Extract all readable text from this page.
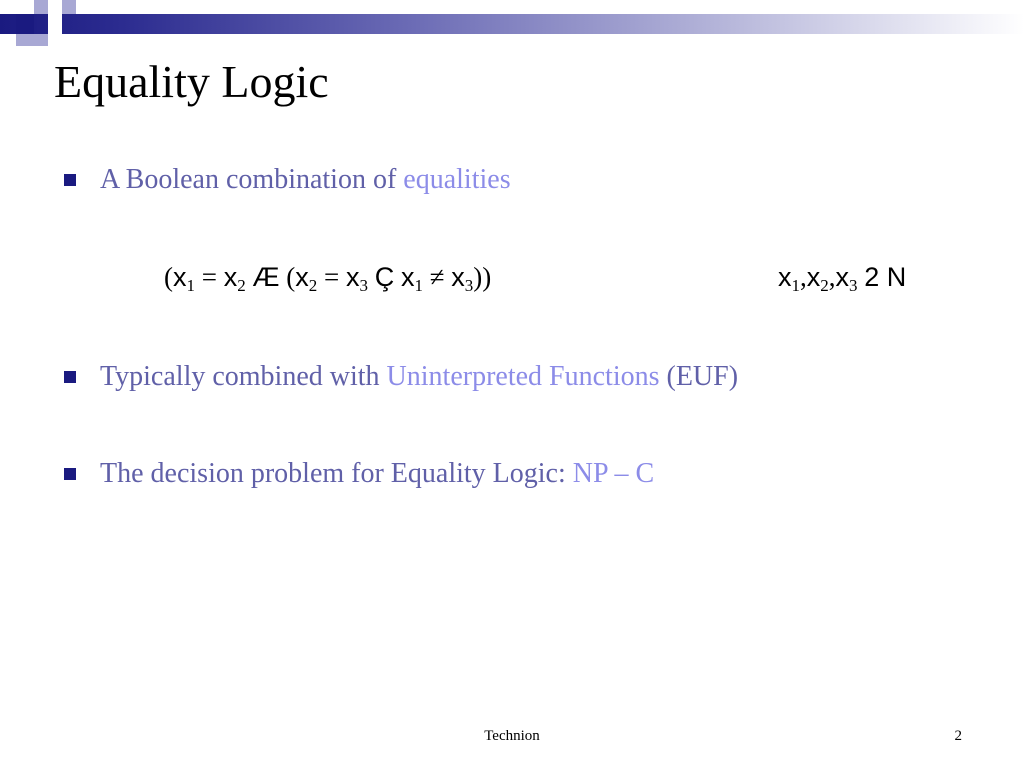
Equality Logic
A Boolean combination of equalities
($x_1 = x_2$ Æ ($x_2 = x_3$ Ç $x_1 \ne x_3$))	$x_1,x_2,x_3$ 2 N
Typically combined with Uninterpreted Functions (EUF)
The decision problem for Equality Logic: NP – C
Technion	2
